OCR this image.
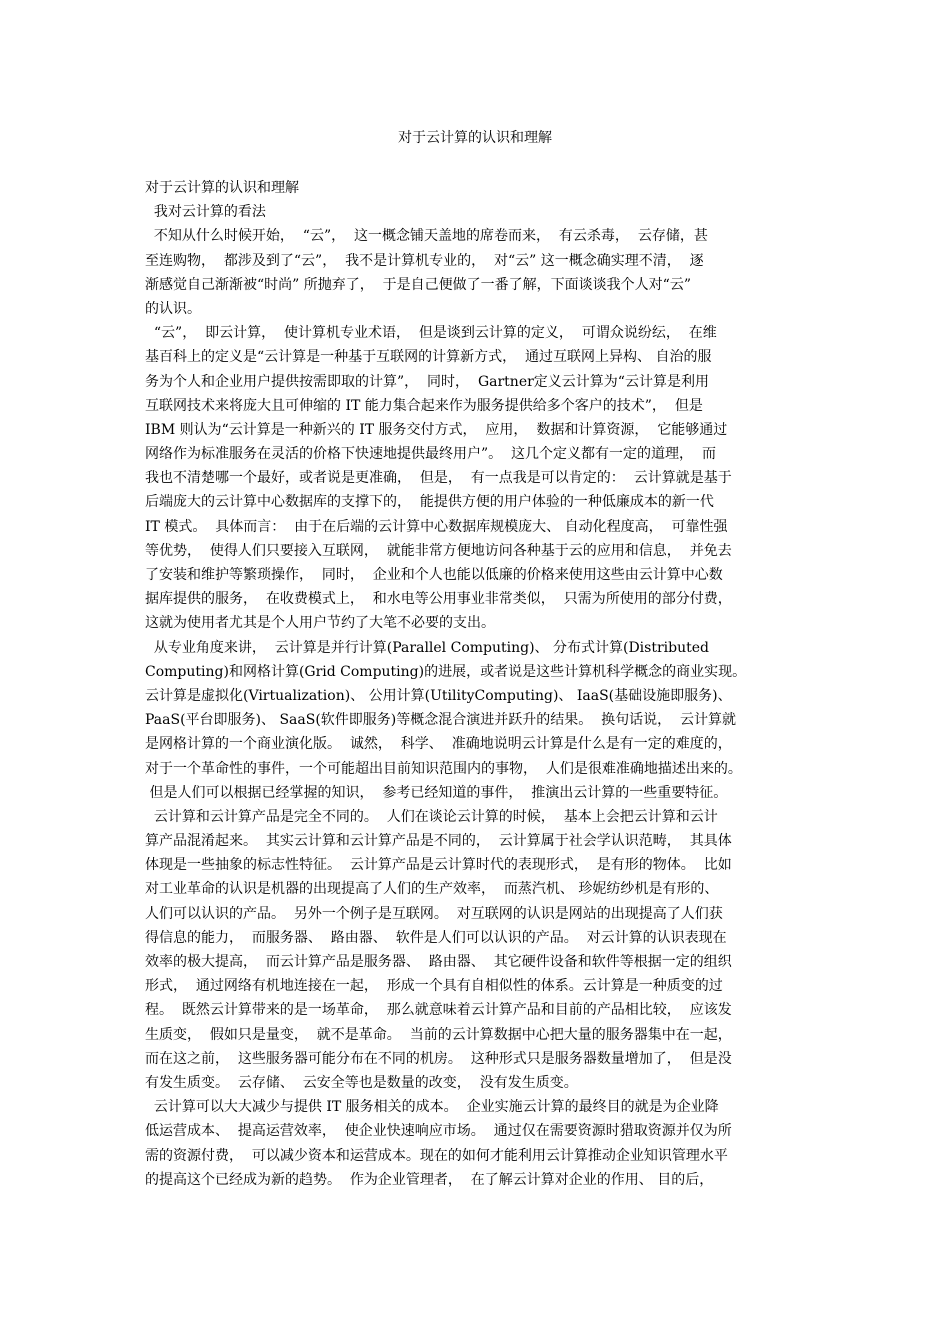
对于云计算的认识和理解
对于云计算的认识和理解
我对云计算的看法
不知从什么时候开始，  “云”，  这一概念铺天盖地的席卷而来，  有云杀毒，  云存储，甚
至连购物，  都涉及到了“云”，  我不是计算机专业的，  对“云” 这一概念确实理不清，  逐
渐感觉自己渐渐被“时尚” 所抛弃了，  于是自己便做了一番了解，下面谈谈我个人对“云”
的认识。
“云”，  即云计算，  使计算机专业术语，  但是谈到云计算的定义，  可谓众说纷纭，  在维
基百科上的定义是“云计算是一种基于互联网的计算新方式，  通过互联网上异构、 自治的服
务为个人和企业用户提供按需即取的计算”，  同时，  Gartner定义云计算为“云计算是利用
互联网技术来将庞大且可伸缩的 IT 能力集合起来作为服务提供给多个客户的技术”，  但是
IBM 则认为“云计算是一种新兴的 IT 服务交付方式，  应用，  数据和计算资源，  它能够通过
网络作为标准服务在灵活的价格下快速地提供最终用户”。  这几个定义都有一定的道理，  而
我也不清楚哪一个最好，或者说是更准确，  但是，  有一点我是可以肯定的：  云计算就是基于
后端庞大的云计算中心数据库的支撑下的，  能提供方便的用户体验的一种低廉成本的新一代
IT 模式。  具体而言：  由于在后端的云计算中心数据库规模庞大、 自动化程度高，  可靠性强
等优势，  使得人们只要接入互联网，  就能非常方便地访问各种基于云的应用和信息，  并免去
了安装和维护等繁琐操作，  同时，  企业和个人也能以低廉的价格来使用这些由云计算中心数
据库提供的服务，  在收费模式上，  和水电等公用事业非常类似，  只需为所使用的部分付费，
这就为使用者尤其是个人用户节约了大笔不必要的支出。
从专业角度来讲，  云计算是并行计算(Parallel Computing)、 分布式计算(Distributed
Computing)和网格计算(Grid Computing)的进展，或者说是这些计算机科学概念的商业实现。
云计算是虚拟化(Virtualization)、 公用计算(UtilityComputing)、 IaaS(基础设施即服务)、
PaaS(平台即服务)、 SaaS(软件即服务)等概念混合演进并跃升的结果。  换句话说，  云计算就
是网格计算的一个商业演化版。  诚然，  科学、  准确地说明云计算是什么是有一定的难度的，
对于一个革命性的事件，一个可能超出目前知识范围内的事物，  人们是很难准确地描述出来的。
但是人们可以根据已经掌握的知识，  参考已经知道的事件，  推演出云计算的一些重要特征。
云计算和云计算产品是完全不同的。  人们在谈论云计算的时候，  基本上会把云计算和云计
算产品混淆起来。  其实云计算和云计算产品是不同的，  云计算属于社会学认识范畴，  其具体
体现是一些抽象的标志性特征。  云计算产品是云计算时代的表现形式，  是有形的物体。  比如
对工业革命的认识是机器的出现提高了人们的生产效率，  而蒸汽机、 珍妮纺纱机是有形的、
人们可以认识的产品。  另外一个例子是互联网。  对互联网的认识是网站的出现提高了人们获
得信息的能力，  而服务器、  路由器、  软件是人们可以认识的产品。  对云计算的认识表现在
效率的极大提高，  而云计算产品是服务器、  路由器、  其它硬件设备和软件等根据一定的组织
形式，  通过网络有机地连接在一起，  形成一个具有自相似性的体系。云计算是一种质变的过
程。  既然云计算带来的是一场革命，  那么就意味着云计算产品和目前的产品相比较，  应该发
生质变，  假如只是量变，  就不是革命。  当前的云计算数据中心把大量的服务器集中在一起，
而在这之前，  这些服务器可能分布在不同的机房。  这种形式只是服务器数量增加了，  但是没
有发生质变。  云存储、  云安全等也是数量的改变，  没有发生质变。
云计算可以大大减少与提供 IT 服务相关的成本。  企业实施云计算的最终目的就是为企业降
低运营成本、  提高运营效率，  使企业快速响应市场。  通过仅在需要资源时猎取资源并仅为所
需的资源付费，  可以减少资本和运营成本。现在的如何才能利用云计算推动企业知识管理水平
的提高这个已经成为新的趋势。  作为企业管理者，  在了解云计算对企业的作用、 目的后，
